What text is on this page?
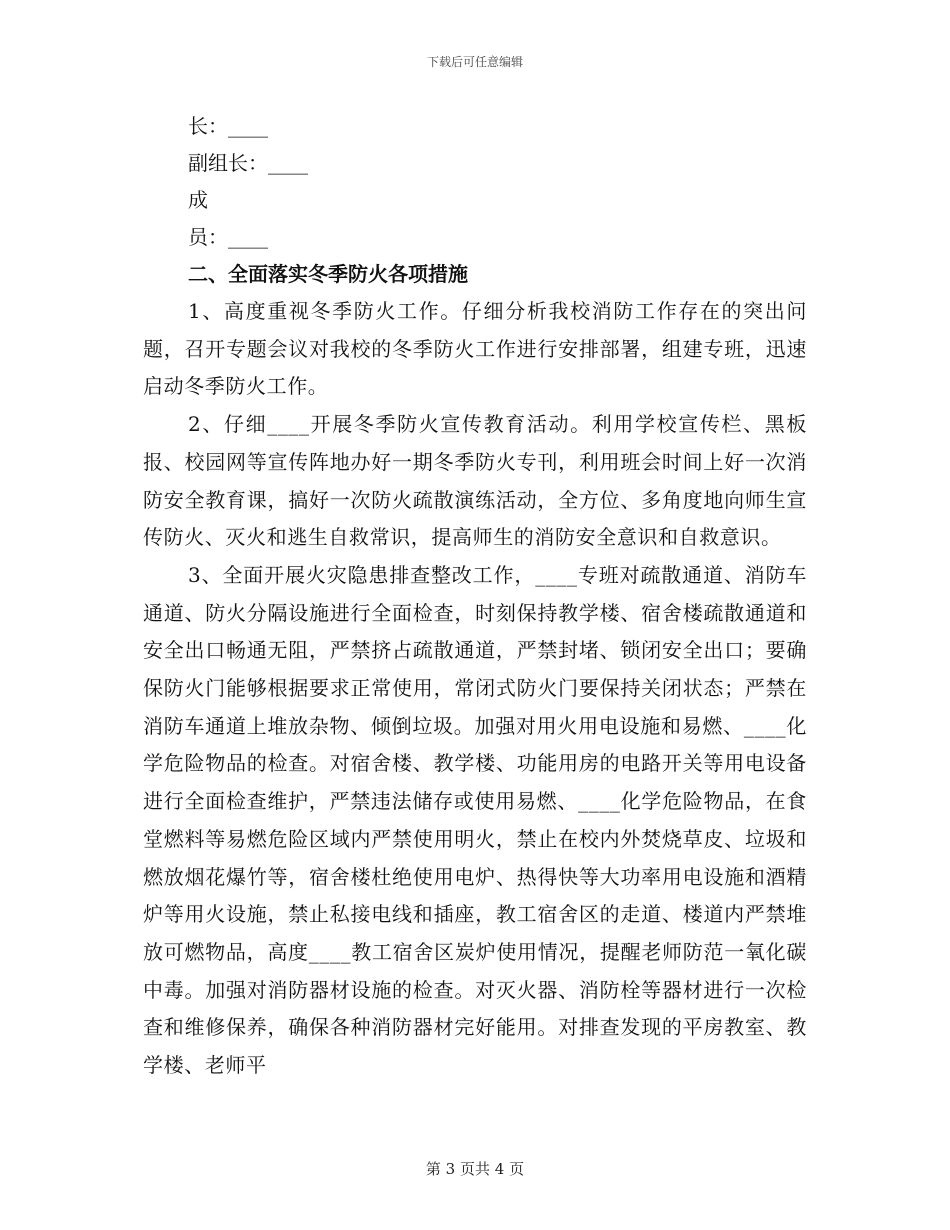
下载后可任意编辑
长：____
副组长：____
成
员：____
二、全面落实冬季防火各项措施

1、高度重视冬季防火工作。仔细分析我校消防工作存在的突出问题，召开专题会议对我校的冬季防火工作进行安排部署，组建专班，迅速启动冬季防火工作。

2、仔细____开展冬季防火宣传教育活动。利用学校宣传栏、黑板报、校园网等宣传阵地办好一期冬季防火专刊，利用班会时间上好一次消防安全教育课，搞好一次防火疏散演练活动，全方位、多角度地向师生宣传防火、灭火和逃生自救常识，提高师生的消防安全意识和自救意识。

3、全面开展火灾隐患排查整改工作，____专班对疏散通道、消防车通道、防火分隔设施进行全面检查，时刻保持教学楼、宿舍楼疏散通道和安全出口畅通无阻，严禁挤占疏散通道，严禁封堵、锁闭安全出口；要确保防火门能够根据要求正常使用，常闭式防火门要保持关闭状态；严禁在消防车通道上堆放杂物、倾倒垃圾。加强对用火用电设施和易燃、____化学危险物品的检查。对宿舍楼、教学楼、功能用房的电路开关等用电设备进行全面检查维护，严禁违法储存或使用易燃、____化学危险物品，在食堂燃料等易燃危险区域内严禁使用明火，禁止在校内外焚烧草皮、垃圾和燃放烟花爆竹等，宿舍楼杜绝使用电炉、热得快等大功率用电设施和酒精炉等用火设施，禁止私接电线和插座，教工宿舍区的走道、楼道内严禁堆放可燃物品，高度____教工宿舍区炭炉使用情况，提醒老师防范一氧化碳中毒。加强对消防器材设施的检查。对灭火器、消防栓等器材进行一次检查和维修保养，确保各种消防器材完好能用。对排查发现的平房教室、教学楼、老师平

第 3 页共 4 页
